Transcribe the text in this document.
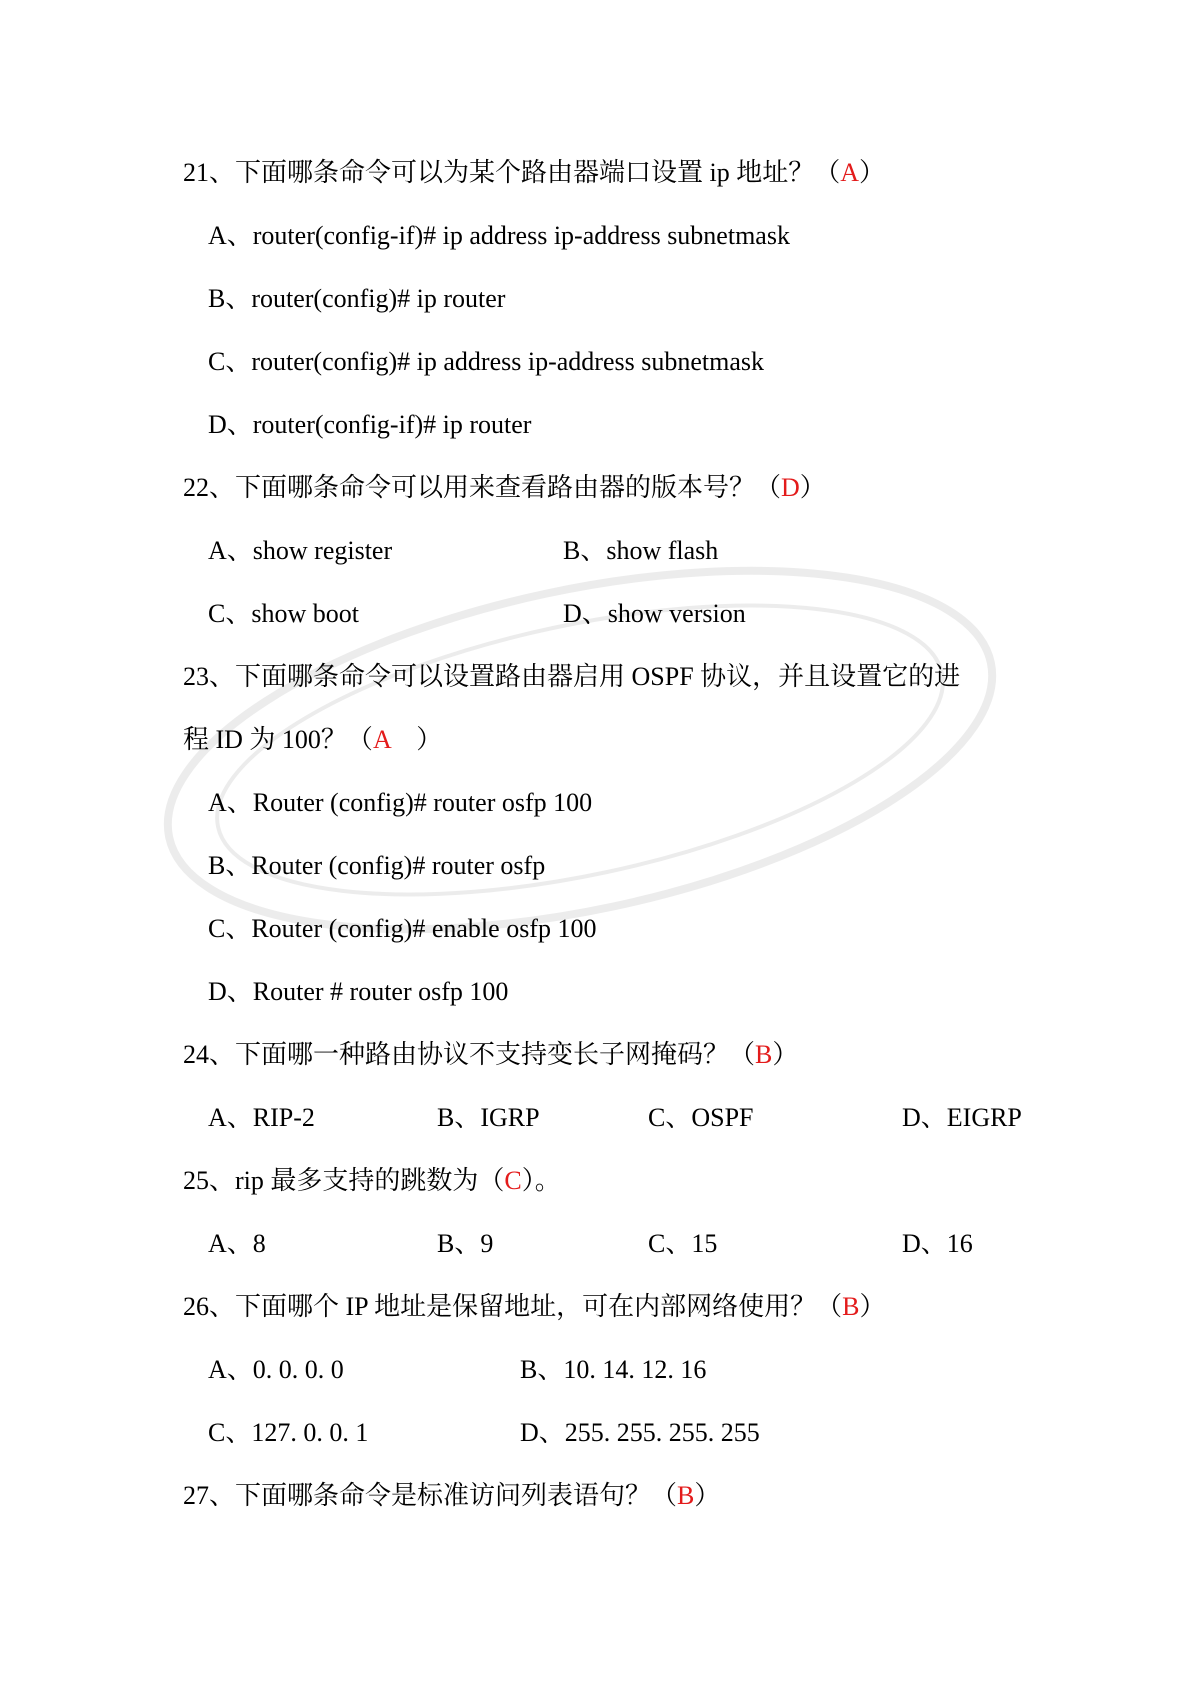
21、下面哪条命令可以为某个路由器端口设置 ip 地址？（A）
A、router(config-if)# ip address ip-address subnetmask
B、router(config)# ip router
C、router(config)# ip address ip-address subnetmask
D、router(config-if)# ip router
22、下面哪条命令可以用来查看路由器的版本号？（D）
A、show register	B、show flash
C、show boot	D、show version
23、下面哪条命令可以设置路由器启用 OSPF 协议，并且设置它的进
程 ID 为 100？（A　）
A、Router (config)# router osfp 100
B、Router (config)# router osfp
C、Router (config)# enable osfp 100
D、Router # router osfp 100
24、下面哪一种路由协议不支持变长子网掩码？（B）
A、RIP-2	B、IGRP	C、OSPF	D、EIGRP
25、rip 最多支持的跳数为（C）。
A、8	B、9	C、15	D、16
26、下面哪个 IP 地址是保留地址，可在内部网络使用？（B）
A、0. 0. 0. 0	B、10. 14. 12. 16
C、127. 0. 0. 1	D、255. 255. 255. 255
27、下面哪条命令是标准访问列表语句？（B）
